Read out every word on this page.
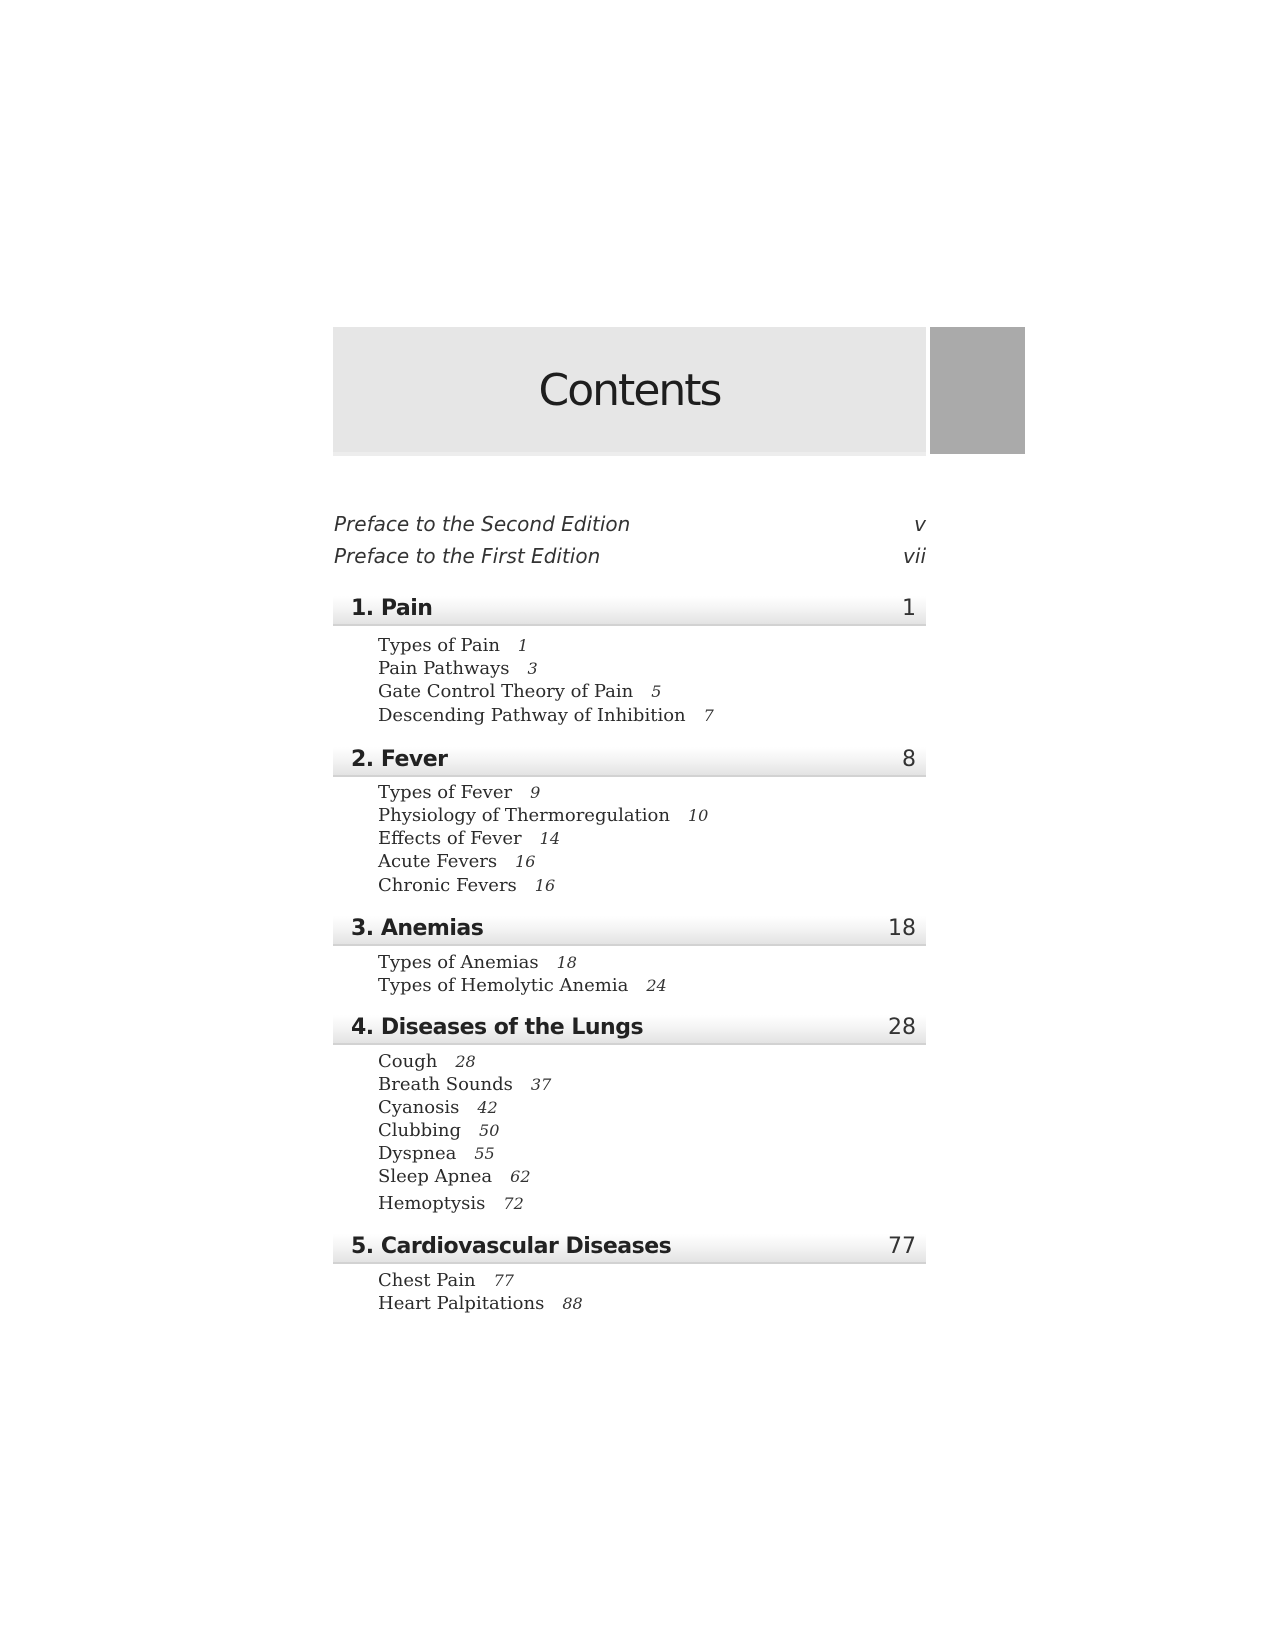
Contents
Preface to the Second Edition	v
Preface to the First Edition	vii
1. Pain	1
Types of Pain 1
Pain Pathways 3
Gate Control Theory of Pain 5
Descending Pathway of Inhibition 7
2. Fever	8
Types of Fever 9
Physiology of Thermoregulation 10
Effects of Fever 14
Acute Fevers 16
Chronic Fevers 16
3. Anemias	18
Types of Anemias 18
Types of Hemolytic Anemia 24
4. Diseases of the Lungs	28
Cough 28
Breath Sounds 37
Cyanosis 42
Clubbing 50
Dyspnea 55
Sleep Apnea 62
Hemoptysis 72
5. Cardiovascular Diseases	77
Chest Pain 77
Heart Palpitations 88
